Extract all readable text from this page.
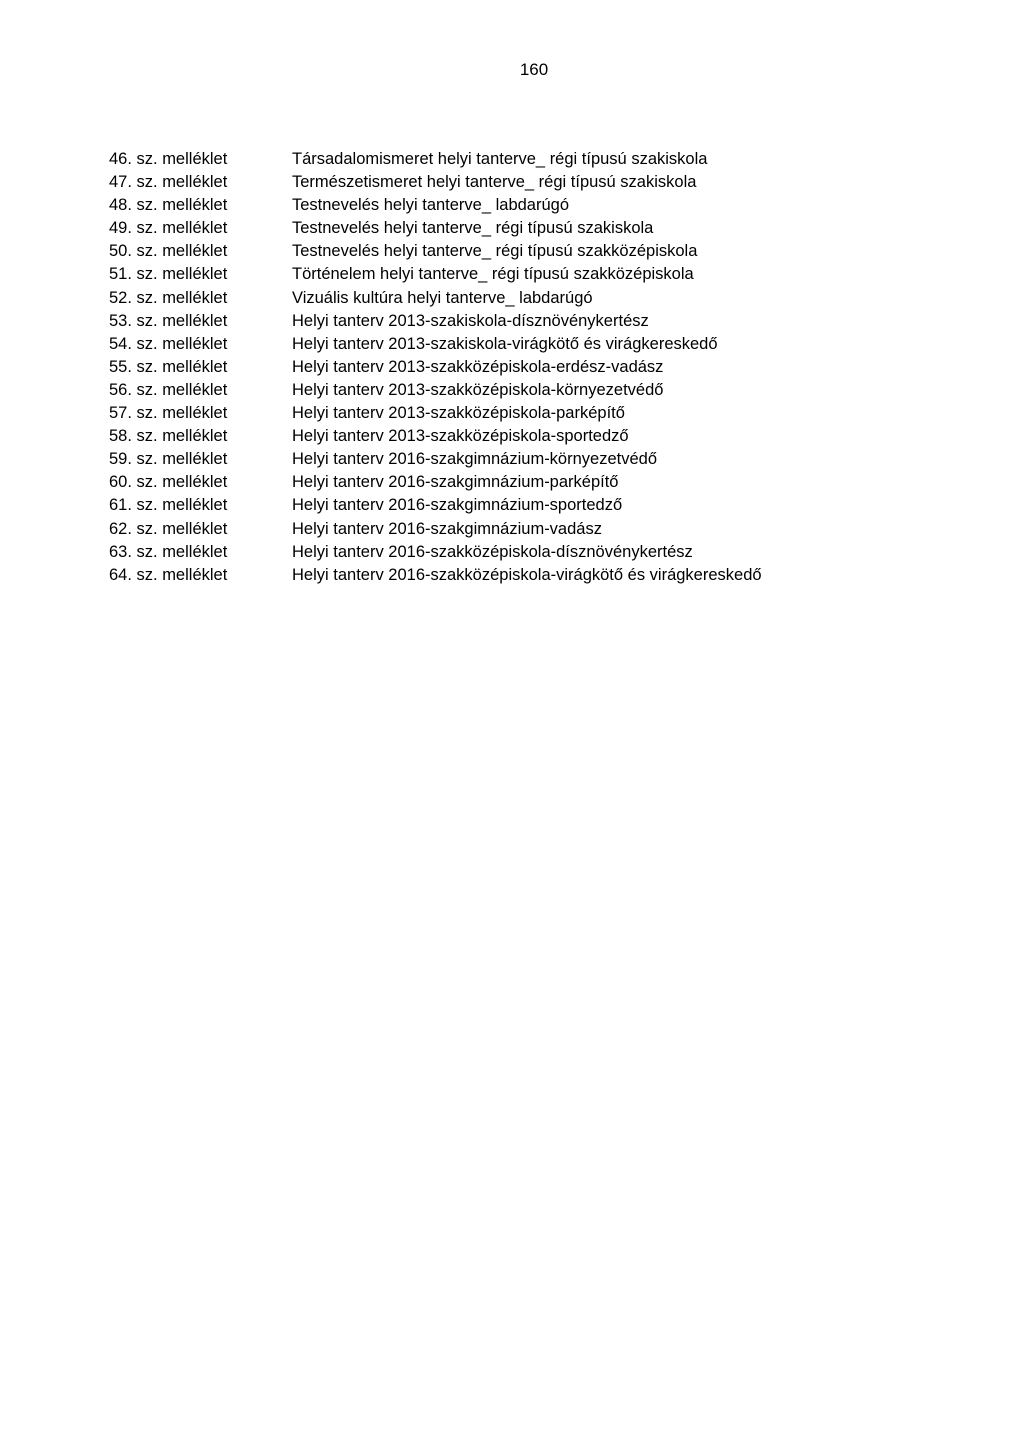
160
46. sz. melléklet	Társadalomismeret helyi tanterve_ régi típusú szakiskola
47. sz. melléklet	Természetismeret helyi tanterve_ régi típusú szakiskola
48. sz. melléklet	Testnevelés helyi tanterve_ labdarúgó
49. sz. melléklet	Testnevelés helyi tanterve_ régi típusú szakiskola
50. sz. melléklet	Testnevelés helyi tanterve_ régi típusú szakközépiskola
51. sz. melléklet	Történelem helyi tanterve_ régi típusú szakközépiskola
52. sz. melléklet	Vizuális kultúra helyi tanterve_ labdarúgó
53. sz. melléklet	Helyi tanterv 2013-szakiskola-dísznövénykertész
54. sz. melléklet	Helyi tanterv 2013-szakiskola-virágkötő és virágkereskedő
55. sz. melléklet	Helyi tanterv 2013-szakközépiskola-erdész-vadász
56. sz. melléklet	Helyi tanterv 2013-szakközépiskola-környezetvédő
57. sz. melléklet	Helyi tanterv 2013-szakközépiskola-parképítő
58. sz. melléklet	Helyi tanterv 2013-szakközépiskola-sportedző
59. sz. melléklet	Helyi tanterv 2016-szakgimnázium-környezetvédő
60. sz. melléklet	Helyi tanterv 2016-szakgimnázium-parképítő
61. sz. melléklet	Helyi tanterv 2016-szakgimnázium-sportedző
62. sz. melléklet	Helyi tanterv 2016-szakgimnázium-vadász
63. sz. melléklet	Helyi tanterv 2016-szakközépiskola-dísznövénykertész
64. sz. melléklet	Helyi tanterv 2016-szakközépiskola-virágkötő és virágkereskedő
